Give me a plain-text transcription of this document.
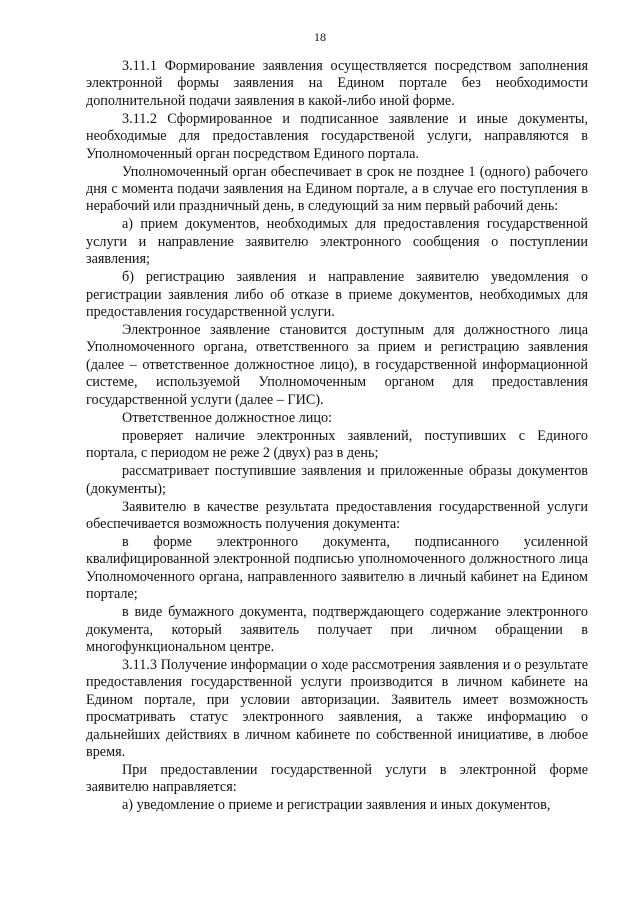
18

3.11.1 Формирование заявления осуществляется посредством заполнения электронной формы заявления на Едином портале без необходимости дополнительной подачи заявления в какой-либо иной форме.

3.11.2 Сформированное и подписанное заявление и иные документы, необходимые для предоставления государственой услуги, направляются в Уполномоченный орган посредством Единого портала.

Уполномоченный орган обеспечивает в срок не позднее 1 (одного) рабочего дня с момента подачи заявления на Едином портале, а в случае его поступления в нерабочий или праздничный день, в следующий за ним первый рабочий день:

а) прием документов, необходимых для предоставления государственной услуги и направление заявителю электронного сообщения о поступлении заявления;

б) регистрацию заявления и направление заявителю уведомления о регистрации заявления либо об отказе в приеме документов, необходимых для предоставления государственной услуги.

Электронное заявление становится доступным для должностного лица Уполномоченного органа, ответственного за прием и регистрацию заявления (далее – ответственное должностное лицо), в государственной информационной системе, используемой Уполномоченным органом для предоставления государственной услуги (далее – ГИС).

Ответственное должностное лицо:

проверяет наличие электронных заявлений, поступивших с Единого портала, с периодом не реже 2 (двух) раз в день;

рассматривает поступившие заявления и приложенные образы документов (документы);

Заявителю в качестве результата предоставления государственной услуги обеспечивается возможность получения документа:

в форме электронного документа, подписанного усиленной квалифицированной электронной подписью уполномоченного должностного лица Уполномоченного органа, направленного заявителю в личный кабинет на Едином портале;

в виде бумажного документа, подтверждающего содержание электронного документа, который заявитель получает при личном обращении в многофункциональном центре.

3.11.3 Получение информации о ходе рассмотрения заявления и о результате предоставления государственной услуги производится в личном кабинете на Едином портале, при условии авторизации. Заявитель имеет возможность просматривать статус электронного заявления, а также информацию о дальнейших действиях в личном кабинете по собственной инициативе, в любое время.

При предоставлении государственной услуги в электронной форме заявителю направляется:

а) уведомление о приеме и регистрации заявления и иных документов,
